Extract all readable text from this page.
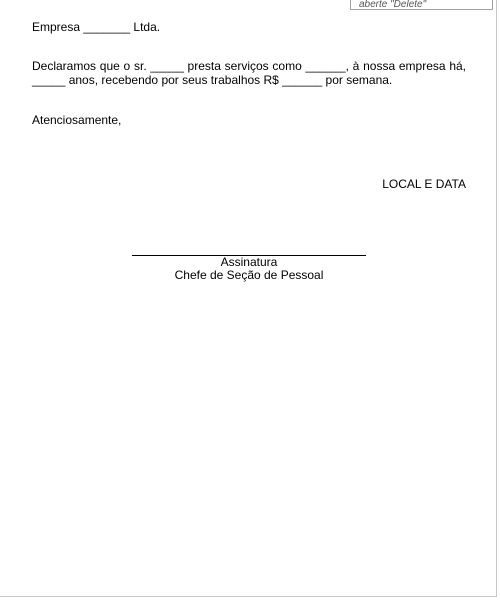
aberte "Delete"
Empresa _______ Ltda.
Declaramos que o sr. _____ presta serviços como ______, à nossa empresa há,
_____ anos, recebendo por seus trabalhos R$ ______ por semana.
Atenciosamente,
LOCAL E DATA
Assinatura
Chefe de Seção de Pessoal
